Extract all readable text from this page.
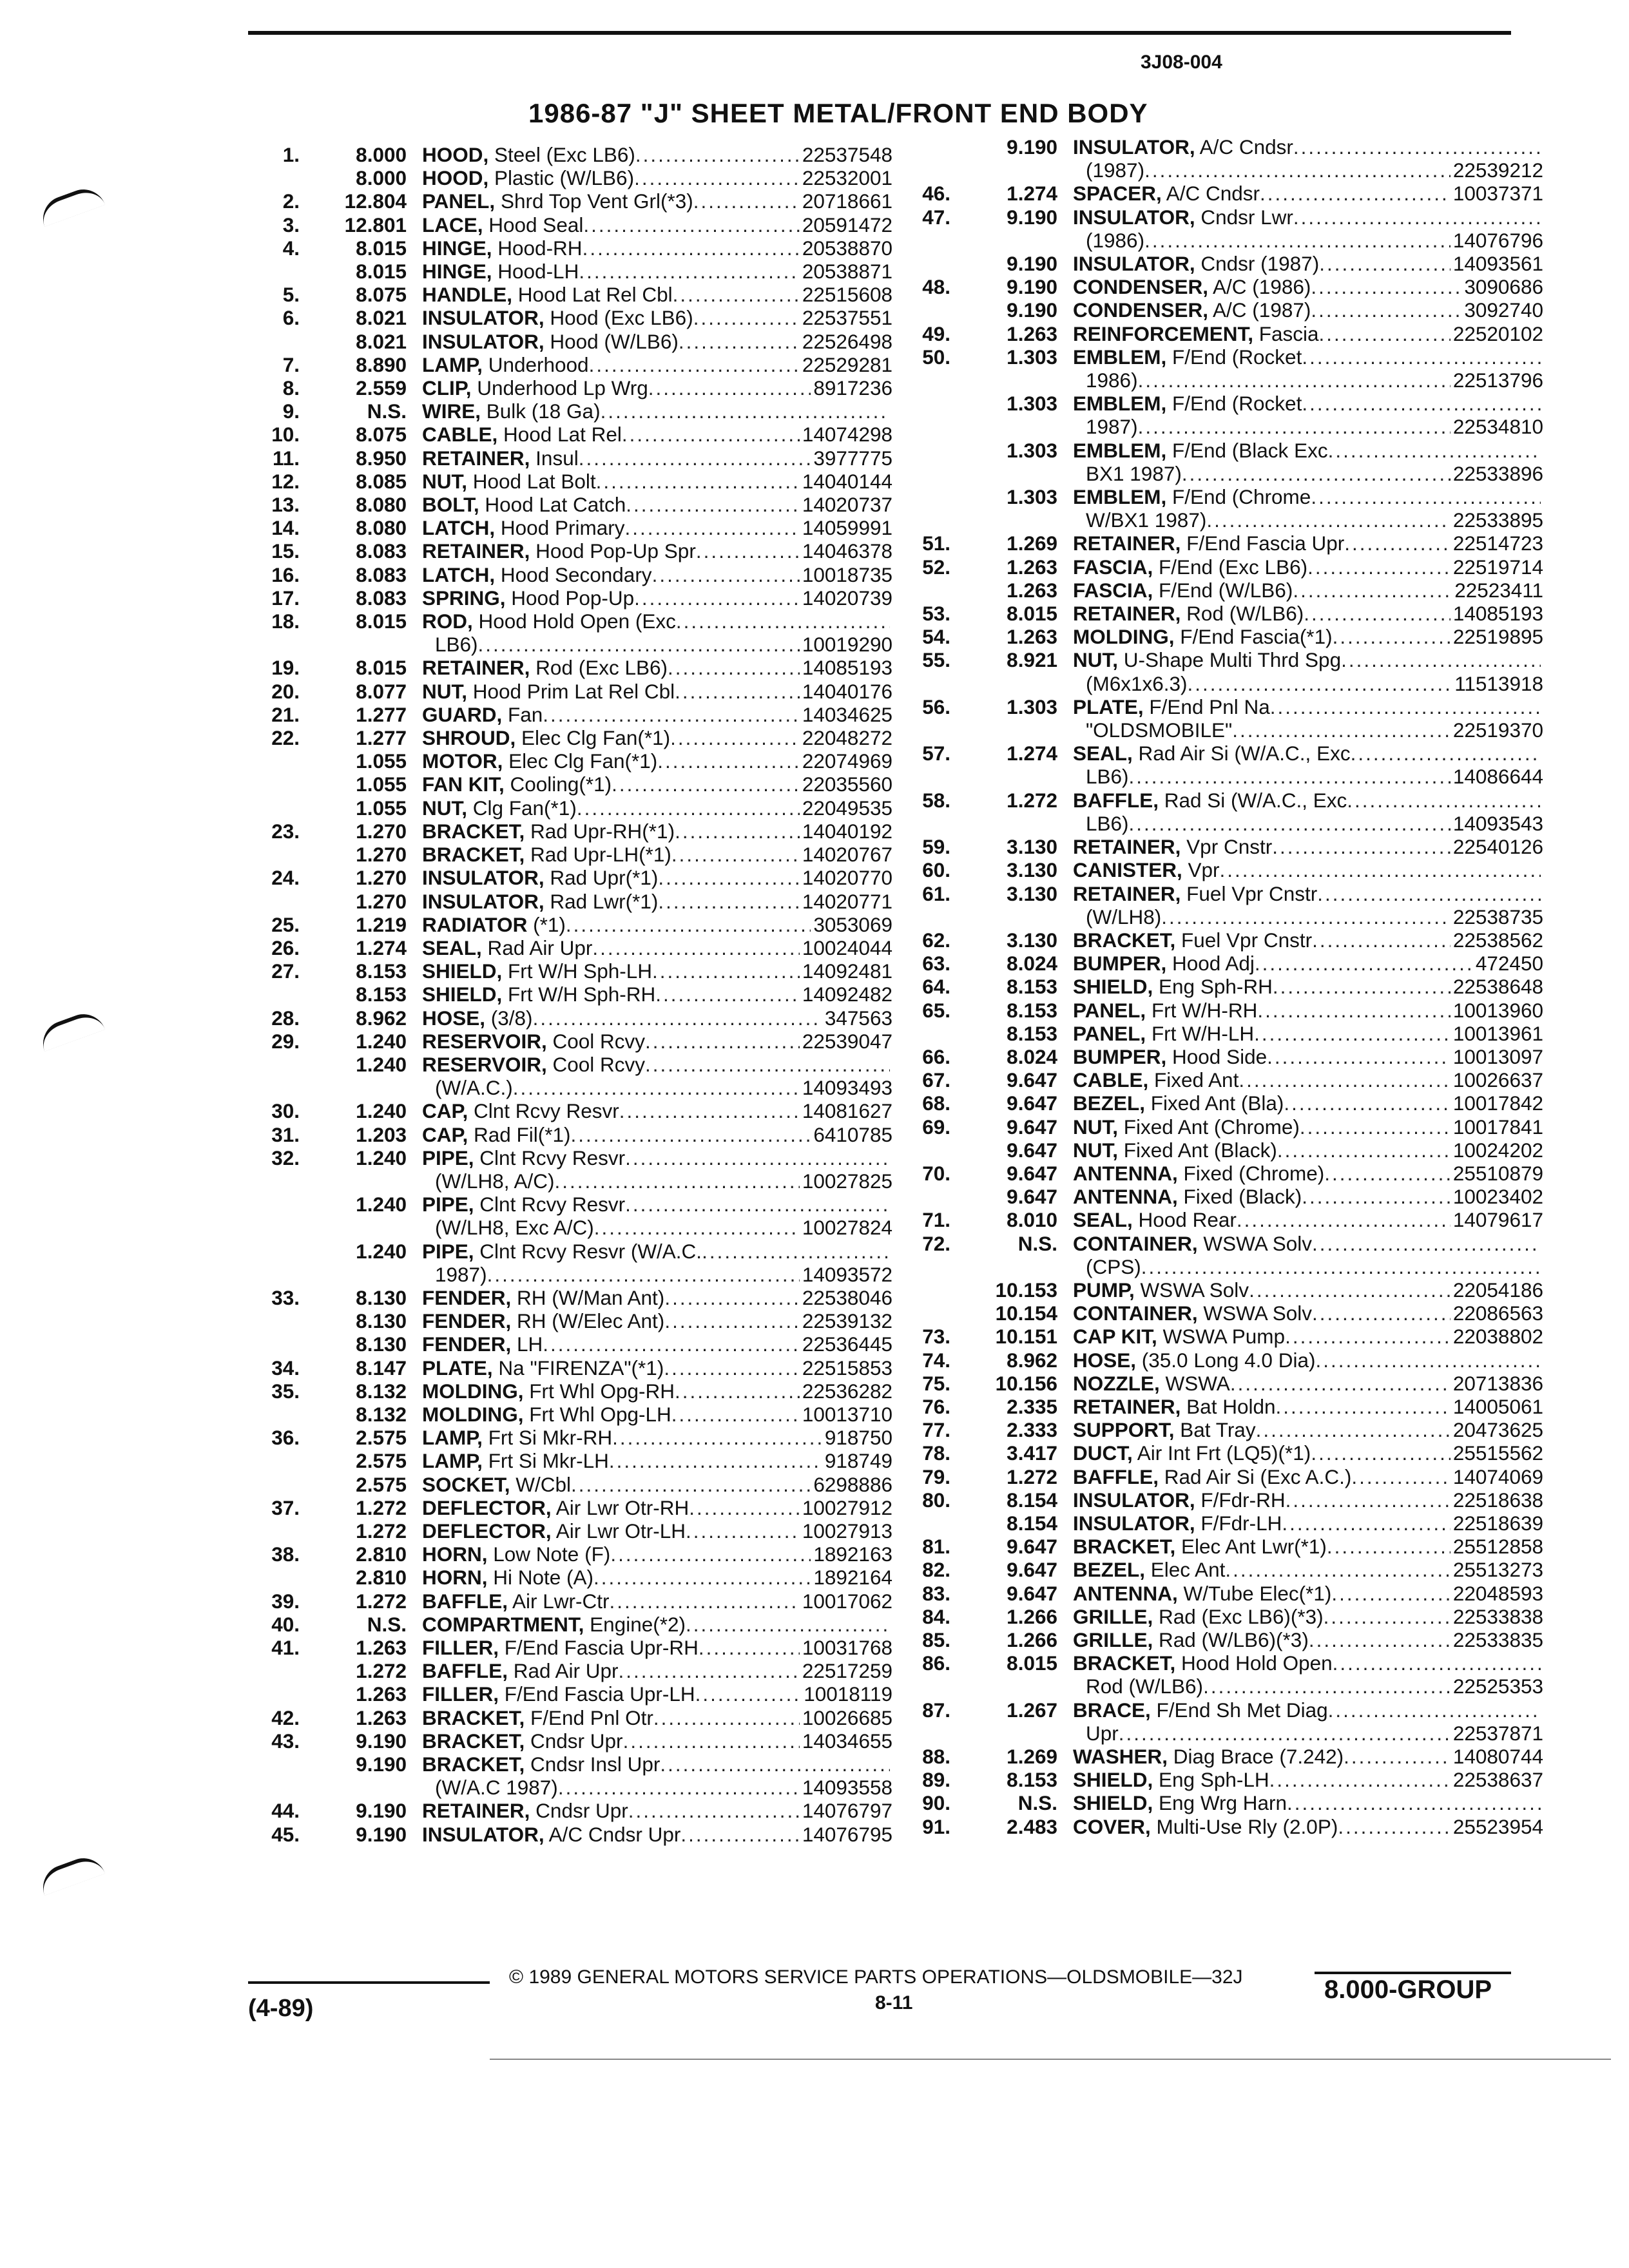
3J08-004
1986-87 "J" SHEET METAL/FRONT END BODY
1.	8.000 HOOD, Steel (Exc LB6) .....	22537548
8.000 HOOD, Plastic (W/LB6) .....	22532001
2.	12.804 PANEL, Shrd Top Vent Grl(*3) .....	20718661
3.	12.801 LACE, Hood Seal .....	20591472
4.	8.015 HINGE, Hood-RH .....	20538870
8.015 HINGE, Hood-LH .....	20538871
5.	8.075 HANDLE, Hood Lat Rel Cbl .....	22515608
6.	8.021 INSULATOR, Hood (Exc LB6) .....	22537551
8.021 INSULATOR, Hood (W/LB6) .....	22526498
7.	8.890 LAMP, Underhood .....	22529281
8.	2.559 CLIP, Underhood Lp Wrg .....	8917236
9.	N.S. WIRE, Bulk (18 Ga)
.....
10.	8.075 CABLE, Hood Lat Rel .....	14074298
11.	8.950 RETAINER, Insul .....	3977775
12.	8.085 NUT, Hood Lat Bolt .....	14040144
13.	8.080 BOLT, Hood Lat Catch .....	14020737
14.	8.080 LATCH, Hood Primary .....	14059991
15.	8.083 RETAINER, Hood Pop-Up Spr .....	14046378
16.	8.083 LATCH, Hood Secondary .....	10018735
17.	8.083 SPRING, Hood Pop-Up .....	14020739
18.	8.015 ROD, Hood Hold Open (Exc
.....
LB6) .....	10019290
19.	8.015 RETAINER, Rod (Exc LB6) .....	14085193
20.	8.077 NUT, Hood Prim Lat Rel Cbl .....	14040176
21.	1.277 GUARD, Fan .....	14034625
22.	1.277 SHROUD, Elec Clg Fan(*1) .....	22048272
1.055 MOTOR, Elec Clg Fan(*1) .....	22074969
1.055 FAN KIT, Cooling(*1) .....	22035560
1.055 NUT, Clg Fan(*1) .....	22049535
23.	1.270 BRACKET, Rad Upr-RH(*1) .....	14040192
1.270 BRACKET, Rad Upr-LH(*1) .....	14020767
24.	1.270 INSULATOR, Rad Upr(*1) .....	14020770
1.270 INSULATOR, Rad Lwr(*1) .....	14020771
25.	1.219 RADIATOR (*1) .....	3053069
26.	1.274 SEAL, Rad Air Upr .....	10024044
27.	8.153 SHIELD, Frt W/H Sph-LH .....	14092481
8.153 SHIELD, Frt W/H Sph-RH .....	14092482
28.	8.962 HOSE, (3/8) .....	347563
29.	1.240 RESERVOIR, Cool Rcvy .....	22539047
1.240 RESERVOIR, Cool Rcvy
.....
(W/A.C.) .....	14093493
30.	1.240 CAP, Clnt Rcvy Resvr .....	14081627
31.	1.203 CAP, Rad Fil(*1) .....	6410785
32.	1.240 PIPE, Clnt Rcvy Resvr
.....
(W/LH8, A/C) .....	10027825
1.240 PIPE, Clnt Rcvy Resvr
.....
(W/LH8, Exc A/C) .....	10027824
1.240 PIPE, Clnt Rcvy Resvr (W/A.C.
.....
1987) .....	14093572
33.	8.130 FENDER, RH (W/Man Ant) .....	22538046
8.130 FENDER, RH (W/Elec Ant) .....	22539132
8.130 FENDER, LH .....	22536445
34.	8.147 PLATE, Na "FIRENZA"(*1) .....	22515853
35.	8.132 MOLDING, Frt Whl Opg-RH .....	22536282
8.132 MOLDING, Frt Whl Opg-LH .....	10013710
36.	2.575 LAMP, Frt Si Mkr-RH .....	918750
2.575 LAMP, Frt Si Mkr-LH .....	918749
2.575 SOCKET, W/Cbl .....	6298886
37.	1.272 DEFLECTOR, Air Lwr Otr-RH .....	10027912
1.272 DEFLECTOR, Air Lwr Otr-LH .....	10027913
38.	2.810 HORN, Low Note (F) .....	1892163
2.810 HORN, Hi Note (A) .....	1892164
39.	1.272 BAFFLE, Air Lwr-Ctr .....	10017062
40.	N.S. COMPARTMENT, Engine(*2)
.....
41.	1.263 FILLER, F/End Fascia Upr-RH .....	10031768
1.272 BAFFLE, Rad Air Upr .....	22517259
1.263 FILLER, F/End Fascia Upr-LH .....	10018119
42.	1.263 BRACKET, F/End Pnl Otr .....	10026685
43.	9.190 BRACKET, Cndsr Upr .....	14034655
9.190 BRACKET, Cndsr Insl Upr
.....
(W/A.C 1987) .....	14093558
44.	9.190 RETAINER, Cndsr Upr .....	14076797
45.	9.190 INSULATOR, A/C Cndsr Upr .....	14076795
9.190 INSULATOR, A/C Cndsr
.....
(1987) .....	22539212
46.	1.274 SPACER, A/C Cndsr .....	10037371
47.	9.190 INSULATOR, Cndsr Lwr
.....
(1986) .....	14076796
9.190 INSULATOR, Cndsr (1987) .....	14093561
48.	9.190 CONDENSER, A/C (1986) .....	3090686
9.190 CONDENSER, A/C (1987) .....	3092740
49.	1.263 REINFORCEMENT, Fascia .....	22520102
50.	1.303 EMBLEM, F/End (Rocket
.....
1986) .....	22513796
1.303 EMBLEM, F/End (Rocket
.....
1987) .....	22534810
1.303 EMBLEM, F/End (Black Exc
.....
BX1 1987) .....	22533896
1.303 EMBLEM, F/End (Chrome
.....
W/BX1 1987) .....	22533895
51.	1.269 RETAINER, F/End Fascia Upr .....	22514723
52.	1.263 FASCIA, F/End (Exc LB6) .....	22519714
1.263 FASCIA, F/End (W/LB6) .....	22523411
53.	8.015 RETAINER, Rod (W/LB6) .....	14085193
54.	1.263 MOLDING, F/End Fascia(*1) .....	22519895
55.	8.921 NUT, U-Shape Multi Thrd Spg
.....
(M6x1x6.3) .....	11513918
56.	1.303 PLATE, F/End Pnl Na
.....
"OLDSMOBILE" .....	22519370
57.	1.274 SEAL, Rad Air Si (W/A.C., Exc
.....
LB6) .....	14086644
58.	1.272 BAFFLE, Rad Si (W/A.C., Exc
.....
LB6) .....	14093543
59.	3.130 RETAINER, Vpr Cnstr .....	22540126
60.	3.130 CANISTER, Vpr
.....
61.	3.130 RETAINER, Fuel Vpr Cnstr
.....
(W/LH8) .....	22538735
62.	3.130 BRACKET, Fuel Vpr Cnstr .....	22538562
63.	8.024 BUMPER, Hood Adj .....	472450
64.	8.153 SHIELD, Eng Sph-RH .....	22538648
65.	8.153 PANEL, Frt W/H-RH .....	10013960
8.153 PANEL, Frt W/H-LH .....	10013961
66.	8.024 BUMPER, Hood Side .....	10013097
67.	9.647 CABLE, Fixed Ant .....	10026637
68.	9.647 BEZEL, Fixed Ant (Bla) .....	10017842
69.	9.647 NUT, Fixed Ant (Chrome) .....	10017841
9.647 NUT, Fixed Ant (Black) .....	10024202
70.	9.647 ANTENNA, Fixed (Chrome) .....	25510879
9.647 ANTENNA, Fixed (Black) .....	10023402
71.	8.010 SEAL, Hood Rear .....	14079617
72.	N.S. CONTAINER, WSWA Solv
.....
(CPS)
.....
10.153 PUMP, WSWA Solv .....	22054186
10.154 CONTAINER, WSWA Solv .....	22086563
73.	10.151 CAP KIT, WSWA Pump .....	22038802
74.	8.962 HOSE, (35.0 Long 4.0 Dia)
.....
75.	10.156 NOZZLE, WSWA .....	20713836
76.	2.335 RETAINER, Bat Holdn .....	14005061
77.	2.333 SUPPORT, Bat Tray .....	20473625
78.	3.417 DUCT, Air Int Frt (LQ5)(*1) .....	25515562
79.	1.272 BAFFLE, Rad Air Si (Exc A.C.) .....	14074069
80.	8.154 INSULATOR, F/Fdr-RH .....	22518638
8.154 INSULATOR, F/Fdr-LH .....	22518639
81.	9.647 BRACKET, Elec Ant Lwr(*1) .....	25512858
82.	9.647 BEZEL, Elec Ant .....	25513273
83.	9.647 ANTENNA, W/Tube Elec(*1) .....	22048593
84.	1.266 GRILLE, Rad (Exc LB6)(*3) .....	22533838
85.	1.266 GRILLE, Rad (W/LB6)(*3) .....	22533835
86.	8.015 BRACKET, Hood Hold Open
.....
Rod (W/LB6) .....	22525353
87.	1.267 BRACE, F/End Sh Met Diag
.....
Upr .....	22537871
88.	1.269 WASHER, Diag Brace (7.242) .....	14080744
89.	8.153 SHIELD, Eng Sph-LH .....	22538637
90.	N.S. SHIELD, Eng Wrg Harn
.....
91.	2.483 COVER, Multi-Use Rly (2.0P) .....	25523954
(4-89)
© 1989 GENERAL MOTORS SERVICE PARTS OPERATIONS—OLDSMOBILE—32J
8-11	8.000-GROUP
